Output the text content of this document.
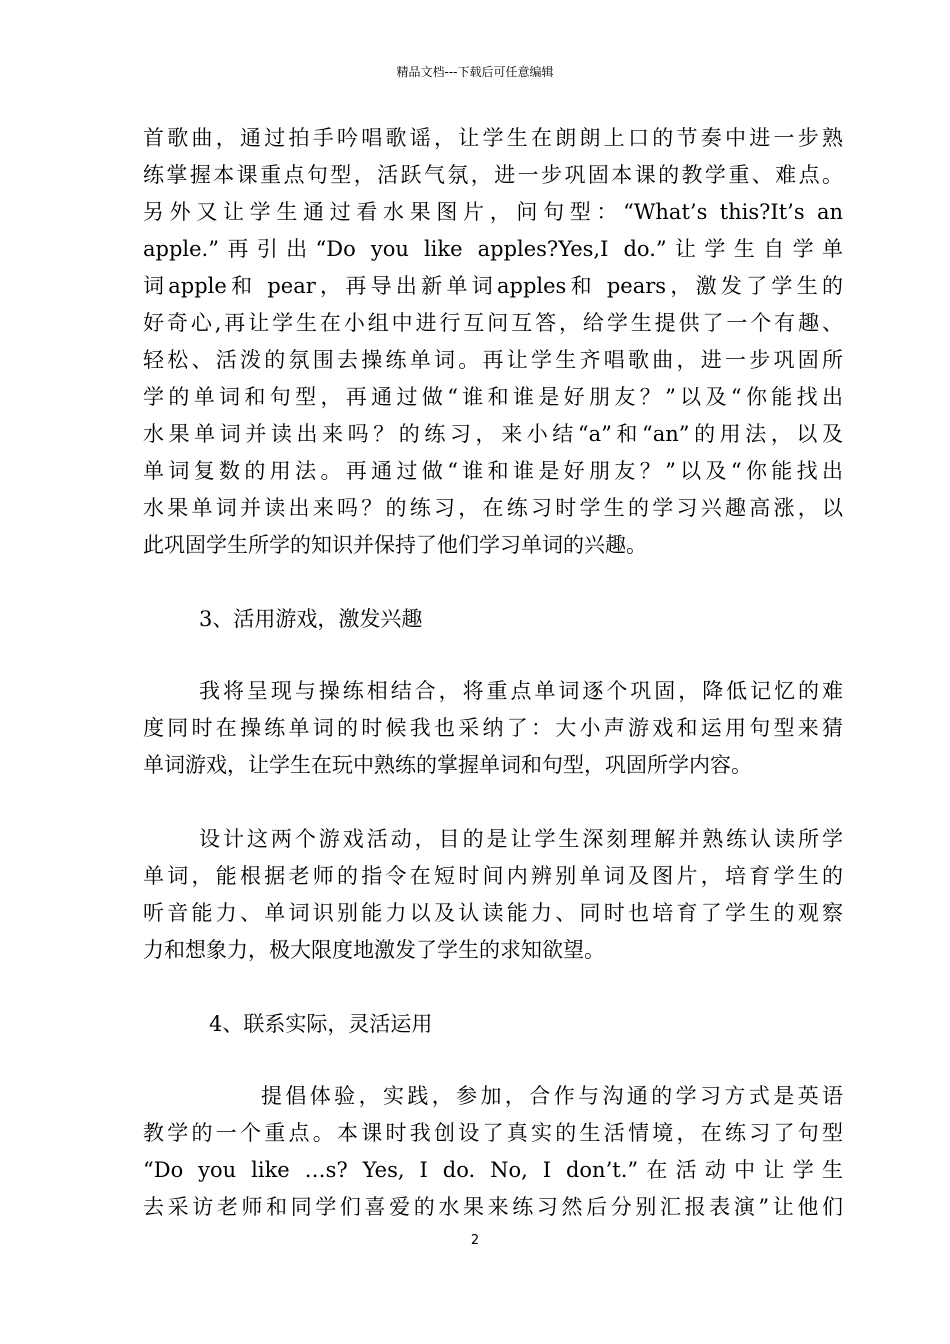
精品文档---下载后可任意编辑
首歌曲，通过拍手吟唱歌谣，让学生在朗朗上口的节奏中进一步熟
练掌握本课重点句型，活跃气氛，进一步巩固本课的教学重、难点。
另外又让学生通过看水果图片，问句型：“What’s this?It’s an
apple.”再引出“Do you like apples?Yes,I do.”让学生自学单
词apple和 pear，再导出新单词apples和 pears，激发了学生的
好奇心,再让学生在小组中进行互问互答，给学生提供了一个有趣、
轻松、活泼的氛围去操练单词。再让学生齐唱歌曲，进一步巩固所
学的单词和句型，再通过做“谁和谁是好朋友？”以及“你能找出
水果单词并读出来吗？的练习，来小结“a”和“an”的用法，以及
单词复数的用法。再通过做“谁和谁是好朋友？”以及“你能找出
水果单词并读出来吗？的练习，在练习时学生的学习兴趣高涨，以
此巩固学生所学的知识并保持了他们学习单词的兴趣。
3、活用游戏，激发兴趣
我将呈现与操练相结合，将重点单词逐个巩固，降低记忆的难
度同时在操练单词的时候我也采纳了：大小声游戏和运用句型来猜
单词游戏，让学生在玩中熟练的掌握单词和句型，巩固所学内容。
设计这两个游戏活动，目的是让学生深刻理解并熟练认读所学
单词，能根据老师的指令在短时间内辨别单词及图片，培育学生的
听音能力、单词识别能力以及认读能力、同时也培育了学生的观察
力和想象力，极大限度地激发了学生的求知欲望。
4、联系实际，灵活运用
提倡体验，实践，参加，合作与沟通的学习方式是英语
教学的一个重点。本课时我创设了真实的生活情境，在练习了句型
“Do you like …s? Yes, I do. No, I don’t.”在活动中让学生
去采访老师和同学们喜爱的水果来练习然后分别汇报表演”让他们
2
